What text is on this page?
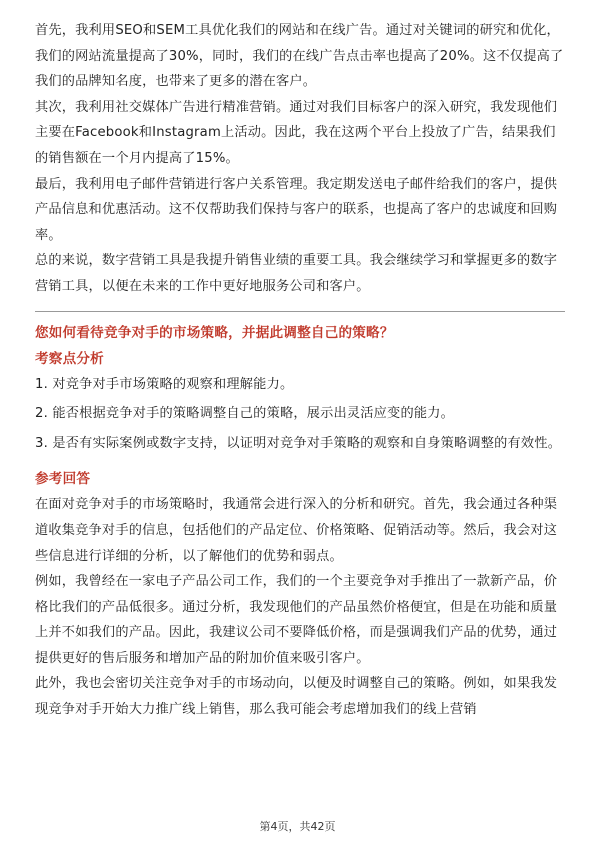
首先，我利用SEO和SEM工具优化我们的网站和在线广告。通过对关键词的研究和优化，我们的网站流量提高了30%，同时，我们的在线广告点击率也提高了20%。这不仅提高了我们的品牌知名度，也带来了更多的潜在客户。

其次，我利用社交媒体广告进行精准营销。通过对我们目标客户的深入研究，我发现他们主要在Facebook和Instagram上活动。因此，我在这两个平台上投放了广告，结果我们的销售额在一个月内提高了15%。

最后，我利用电子邮件营销进行客户关系管理。我定期发送电子邮件给我们的客户，提供产品信息和优惠活动。这不仅帮助我们保持与客户的联系，也提高了客户的忠诚度和回购率。

总的来说，数字营销工具是我提升销售业绩的重要工具。我会继续学习和掌握更多的数字营销工具，以便在未来的工作中更好地服务公司和客户。

您如何看待竞争对手的市场策略，并据此调整自己的策略？

考察点分析

1. 对竞争对手市场策略的观察和理解能力。

2. 能否根据竞争对手的策略调整自己的策略，展示出灵活应变的能力。

3. 是否有实际案例或数字支持，以证明对竞争对手策略的观察和自身策略调整的有效性。

参考回答

在面对竞争对手的市场策略时，我通常会进行深入的分析和研究。首先，我会通过各种渠道收集竞争对手的信息，包括他们的产品定位、价格策略、促销活动等。然后，我会对这些信息进行详细的分析，以了解他们的优势和弱点。

例如，我曾经在一家电子产品公司工作，我们的一个主要竞争对手推出了一款新产品，价格比我们的产品低很多。通过分析，我发现他们的产品虽然价格便宜，但是在功能和质量上并不如我们的产品。因此，我建议公司不要降低价格，而是强调我们产品的优势，通过提供更好的售后服务和增加产品的附加价值来吸引客户。

此外，我也会密切关注竞争对手的市场动向，以便及时调整自己的策略。例如，如果我发现竞争对手开始大力推广线上销售，那么我可能会考虑增加我们的线上营销

第4页，共42页
